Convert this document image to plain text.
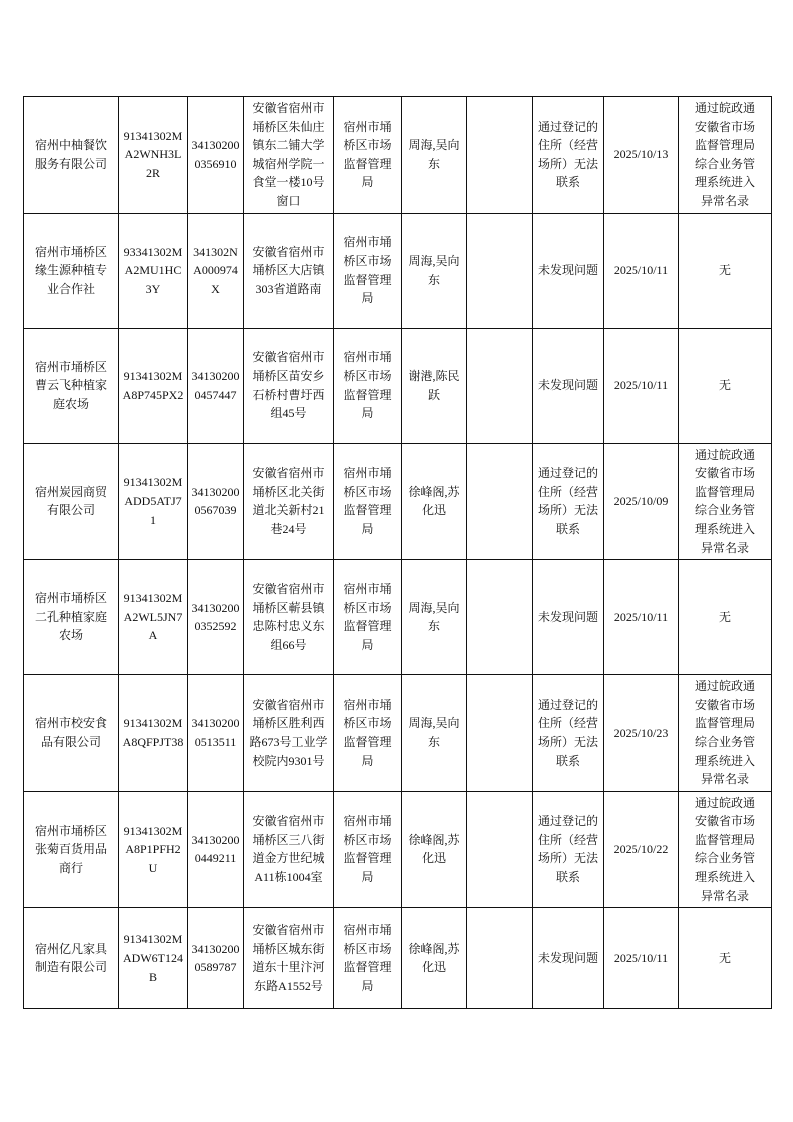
宿州中柚餐饮服务有限公司	91341302MA2WNH3L2R	341302000356910	安徽省宿州市埇桥区朱仙庄镇东二铺大学城宿州学院一食堂一楼10号窗口	宿州市埇桥区市场监督管理局	周海,吴向东		通过登记的住所（经营场所）无法联系	2025/10/13	通过皖政通安徽省市场监督管理局综合业务管理系统进入异常名录

宿州市埇桥区缘生源种植专业合作社	93341302MA2MU1HC3Y	341302NA000974X	安徽省宿州市埇桥区大店镇303省道路南	宿州市埇桥区市场监督管理局	周海,吴向东		未发现问题	2025/10/11	无

宿州市埇桥区曹云飞种植家庭农场	91341302MA8P745PX2	341302000457447	安徽省宿州市埇桥区苗安乡石桥村曹圩西组45号	宿州市埇桥区市场监督管理局	谢港,陈民跃		未发现问题	2025/10/11	无

宿州炭园商贸有限公司	91341302MADD5ATJ71	341302000567039	安徽省宿州市埇桥区北关街道北关新村21巷24号	宿州市埇桥区市场监督管理局	徐峰阁,苏化迅		通过登记的住所（经营场所）无法联系	2025/10/09	通过皖政通安徽省市场监督管理局综合业务管理系统进入异常名录

宿州市埇桥区二孔种植家庭农场	91341302MA2WL5JN7A	341302000352592	安徽省宿州市埇桥区蕲县镇忠陈村忠义东组66号	宿州市埇桥区市场监督管理局	周海,吴向东		未发现问题	2025/10/11	无

宿州市校安食品有限公司	91341302MA8QFPJT38	341302000513511	安徽省宿州市埇桥区胜利西路673号工业学校院内9301号	宿州市埇桥区市场监督管理局	周海,吴向东		通过登记的住所（经营场所）无法联系	2025/10/23	通过皖政通安徽省市场监督管理局综合业务管理系统进入异常名录

宿州市埇桥区张菊百货用品商行	91341302MA8P1PFH2U	341302000449211	安徽省宿州市埇桥区三八街道金方世纪城A11栋1004室	宿州市埇桥区市场监督管理局	徐峰阁,苏化迅		通过登记的住所（经营场所）无法联系	2025/10/22	通过皖政通安徽省市场监督管理局综合业务管理系统进入异常名录

宿州亿凡家具制造有限公司	91341302MADW6T124B	341302000589787	安徽省宿州市埇桥区城东街道东十里汴河东路A1552号	宿州市埇桥区市场监督管理局	徐峰阁,苏化迅		未发现问题	2025/10/11	无
